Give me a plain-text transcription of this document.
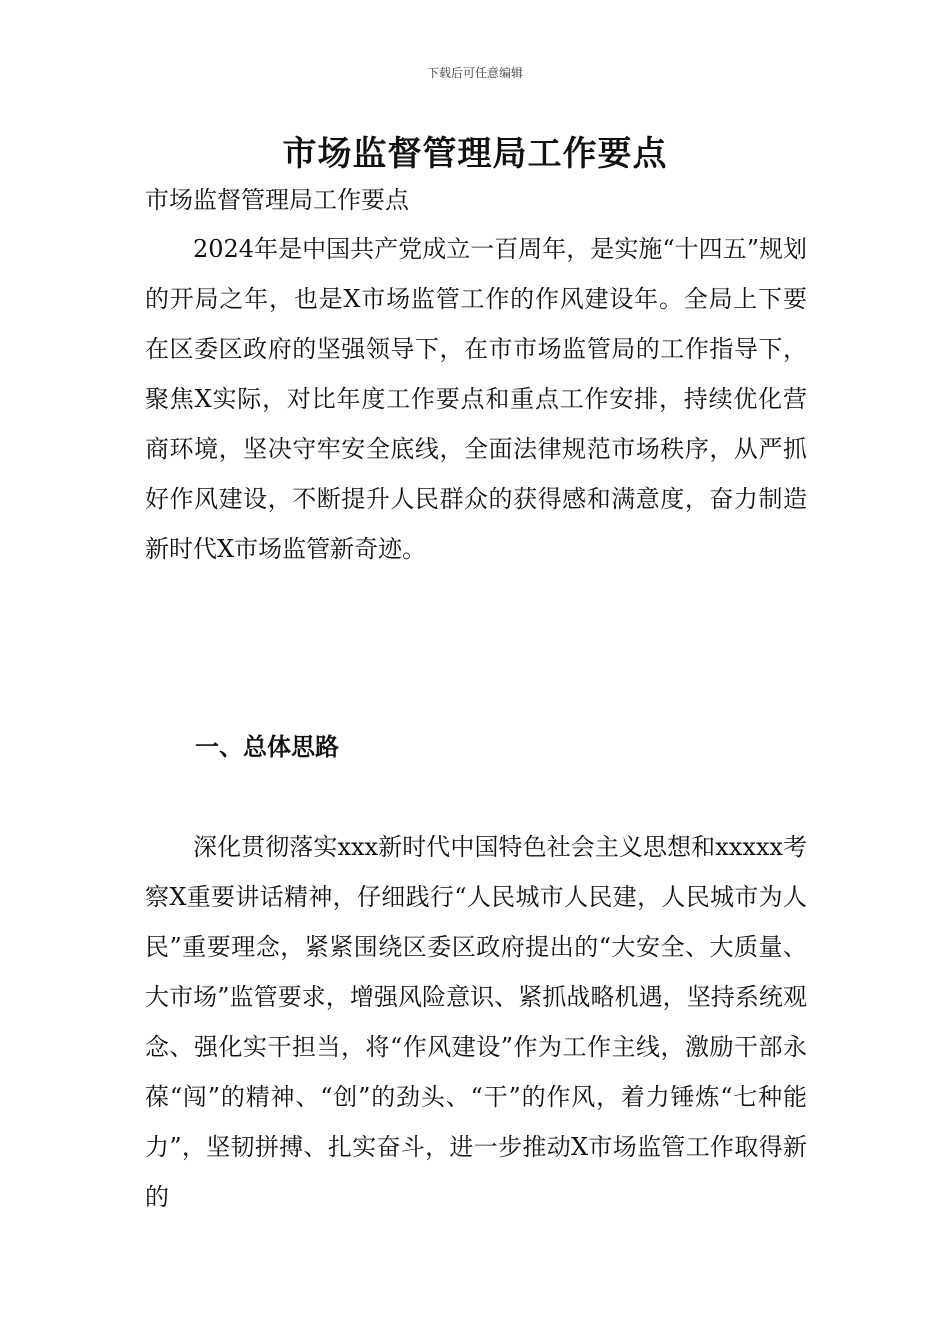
下载后可任意编辑
市场监督管理局工作要点

市场监督管理局工作要点

2024年是中国共产党成立一百周年，是实施“十四五”规划的开局之年，也是X市场监管工作的作风建设年。全局上下要在区委区政府的坚强领导下，在市市场监管局的工作指导下，聚焦X实际，对比年度工作要点和重点工作安排，持续优化营商环境，坚决守牢安全底线，全面法律规范市场秩序，从严抓好作风建设，不断提升人民群众的获得感和满意度，奋力制造新时代X市场监管新奇迹。

一、总体思路

深化贯彻落实xxx新时代中国特色社会主义思想和xxxxx考察X重要讲话精神，仔细践行“人民城市人民建，人民城市为人民”重要理念，紧紧围绕区委区政府提出的“大安全、大质量、大市场”监管要求，增强风险意识、紧抓战略机遇，坚持系统观念、强化实干担当，将“作风建设”作为工作主线，激励干部永葆“闯”的精神、“创”的劲头、“干”的作风，着力锤炼“七种能力”，坚韧拼搏、扎实奋斗，进一步推动X市场监管工作取得新的
